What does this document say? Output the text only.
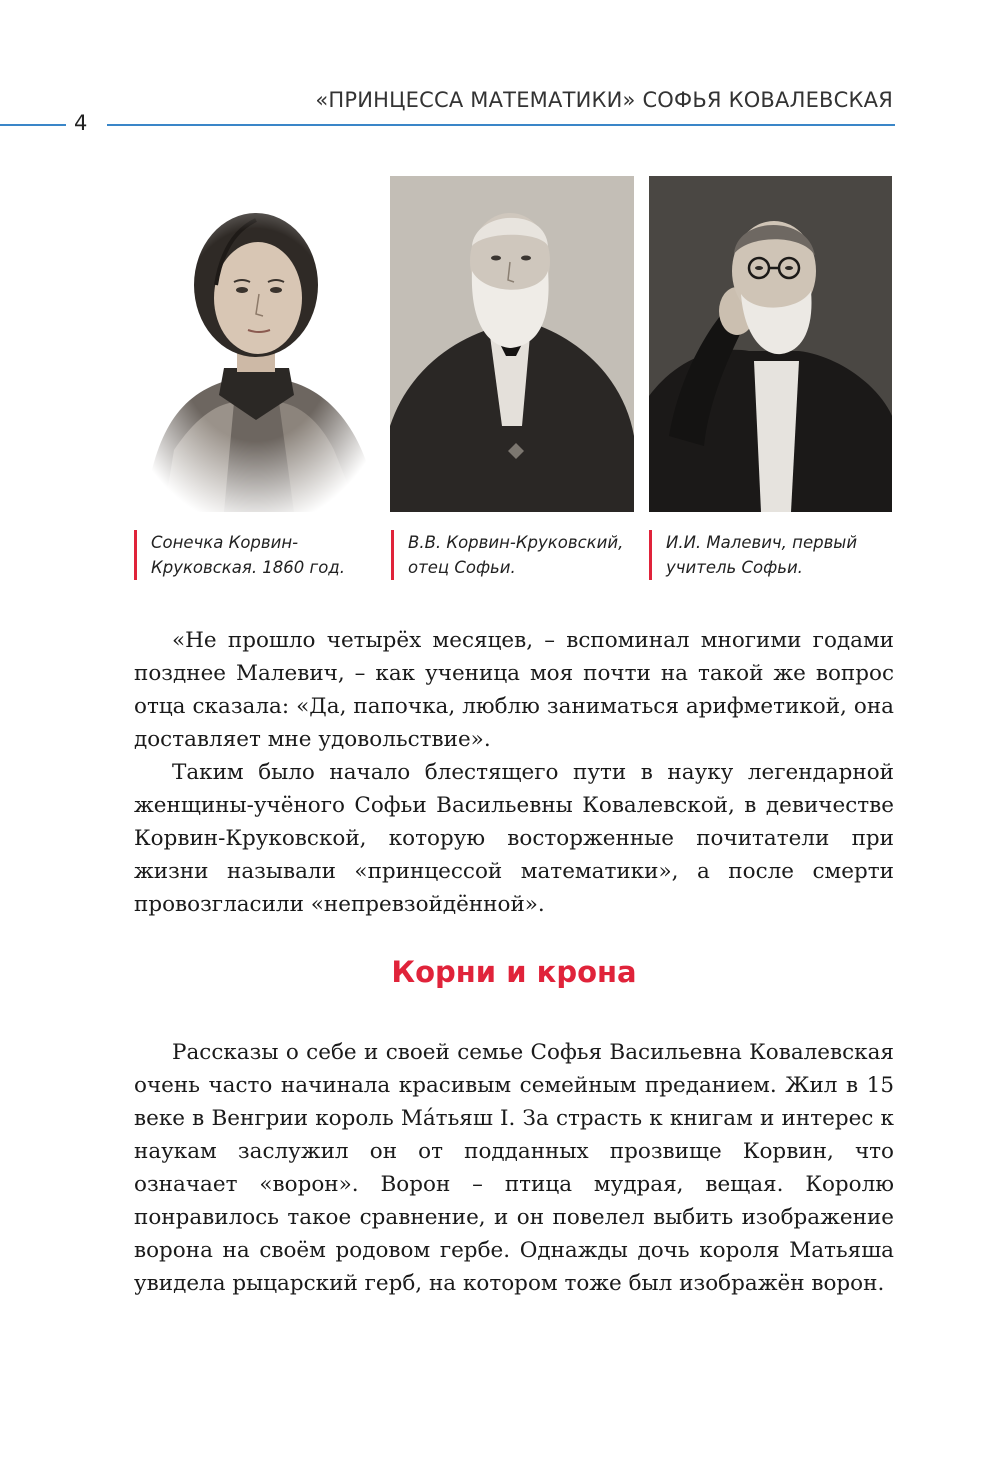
4
«ПРИНЦЕССА МАТЕМАТИКИ» СОФЬЯ КОВАЛЕВСКАЯ
Сонечка Корвин-Круковская. 1860 год.
В.В. Корвин-Круковский, отец Софьи.
И.И. Малевич, первый учитель Софьи.

«Не прошло четырёх месяцев, – вспоминал многими годами позднее Малевич, – как ученица моя почти на такой же вопрос отца сказала: «Да, папочка, люблю заниматься арифметикой, она доставляет мне удовольствие».

Таким было начало блестящего пути в науку легендарной женщины-учёного Софьи Васильевны Ковалевской, в девичестве Корвин-Круковской, которую восторженные почитатели при жизни называли «принцессой математики», а после смерти провозгласили «непревзойдённой».

Корни и крона

Рассказы о себе и своей семье Софья Васильевна Ковалевская очень часто начинала красивым семейным преданием. Жил в 15 веке в Венгрии король Ма́тьяш I. За страсть к книгам и интерес к наукам заслужил он от подданных прозвище Корвин, что означает «ворон». Ворон – птица мудрая, вещая. Королю понравилось такое сравнение, и он повелел выбить изображение ворона на своём родовом гербе. Однажды дочь короля Матьяша увидела рыцарский герб, на котором тоже был изображён ворон.
